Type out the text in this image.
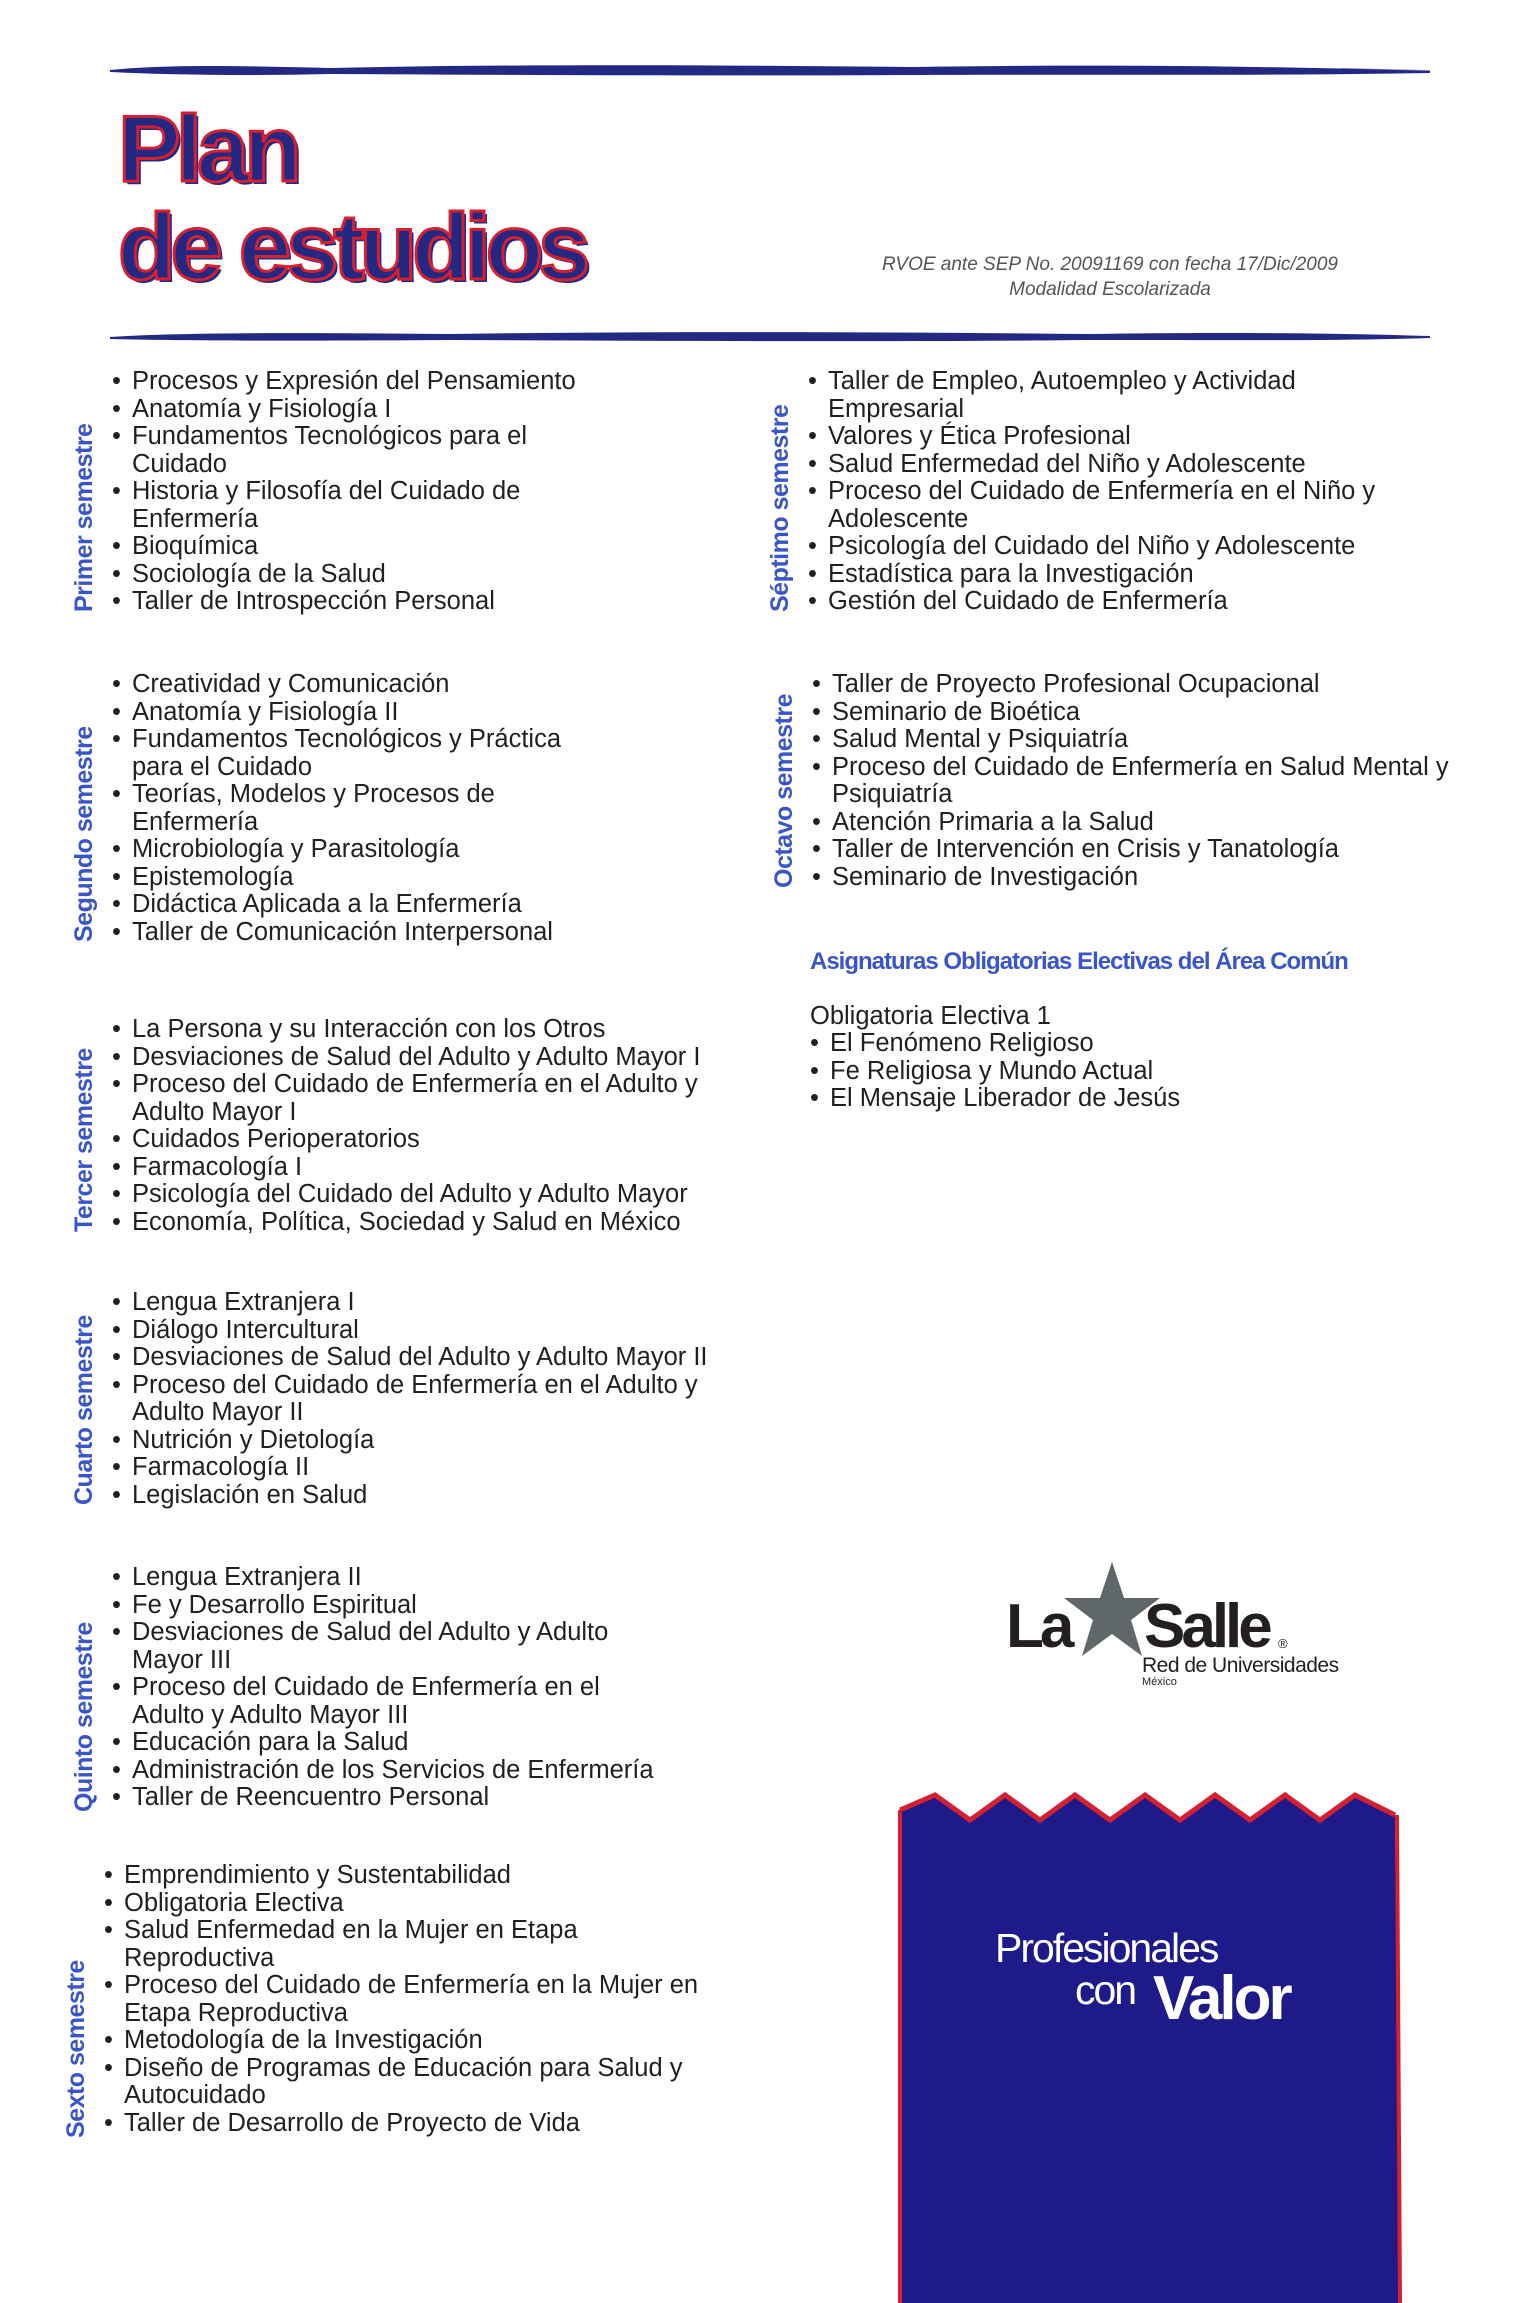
Plan
de estudios	RVOE ante SEP No. 20091169 con fecha 17/Dic/2009
Modalidad Escolarizada
Primer semestre
• Procesos y Expresión del Pensamiento
• Anatomía y Fisiología I
• Fundamentos Tecnológicos para el Cuidado
• Historia y Filosofía del Cuidado de Enfermería
• Bioquímica
• Sociología de la Salud
• Taller de Introspección Personal
Segundo semestre
• Creatividad y Comunicación
• Anatomía y Fisiología II
• Fundamentos Tecnológicos y Práctica para el Cuidado
• Teorías, Modelos y Procesos de Enfermería
• Microbiología y Parasitología
• Epistemología
• Didáctica Aplicada a la Enfermería
• Taller de Comunicación Interpersonal
Tercer semestre
• La Persona y su Interacción con los Otros
• Desviaciones de Salud del Adulto y Adulto Mayor I
• Proceso del Cuidado de Enfermería en el Adulto y Adulto Mayor I
• Cuidados Perioperatorios
• Farmacología I
• Psicología del Cuidado del Adulto y Adulto Mayor
• Economía, Política, Sociedad y Salud en México
Cuarto semestre
• Lengua Extranjera I
• Diálogo Intercultural
• Desviaciones de Salud del Adulto y Adulto Mayor II
• Proceso del Cuidado de Enfermería en el Adulto y Adulto Mayor II
• Nutrición y Dietología
• Farmacología II
• Legislación en Salud
Quinto semestre
• Lengua Extranjera II
• Fe y Desarrollo Espiritual
• Desviaciones de Salud del Adulto y Adulto Mayor III
• Proceso del Cuidado de Enfermería en el Adulto y Adulto Mayor III
• Educación para la Salud
• Administración de los Servicios de Enfermería
• Taller de Reencuentro Personal
Sexto semestre
• Emprendimiento y Sustentabilidad
• Obligatoria Electiva
• Salud Enfermedad en la Mujer en Etapa Reproductiva
• Proceso del Cuidado de Enfermería en la Mujer en Etapa Reproductiva
• Metodología de la Investigación
• Diseño de Programas de Educación para Salud y Autocuidado
• Taller de Desarrollo de Proyecto de Vida
Séptimo semestre
• Taller de Empleo, Autoempleo y Actividad Empresarial
• Valores y Ética Profesional
• Salud Enfermedad del Niño y Adolescente
• Proceso del Cuidado de Enfermería en el Niño y Adolescente
• Psicología del Cuidado del Niño y Adolescente
• Estadística para la Investigación
• Gestión del Cuidado de Enfermería
Octavo semestre
• Taller de Proyecto Profesional Ocupacional
• Seminario de Bioética
• Salud Mental y Psiquiatría
• Proceso del Cuidado de Enfermería en Salud Mental y Psiquiatría
• Atención Primaria a la Salud
• Taller de Intervención en Crisis y Tanatología
• Seminario de Investigación
Asignaturas Obligatorias Electivas del Área Común
Obligatoria Electiva 1
• El Fenómeno Religioso
• Fe Religiosa y Mundo Actual
• El Mensaje Liberador de Jesús
La Salle ®
Red de Universidades
México
Profesionales
con Valor
